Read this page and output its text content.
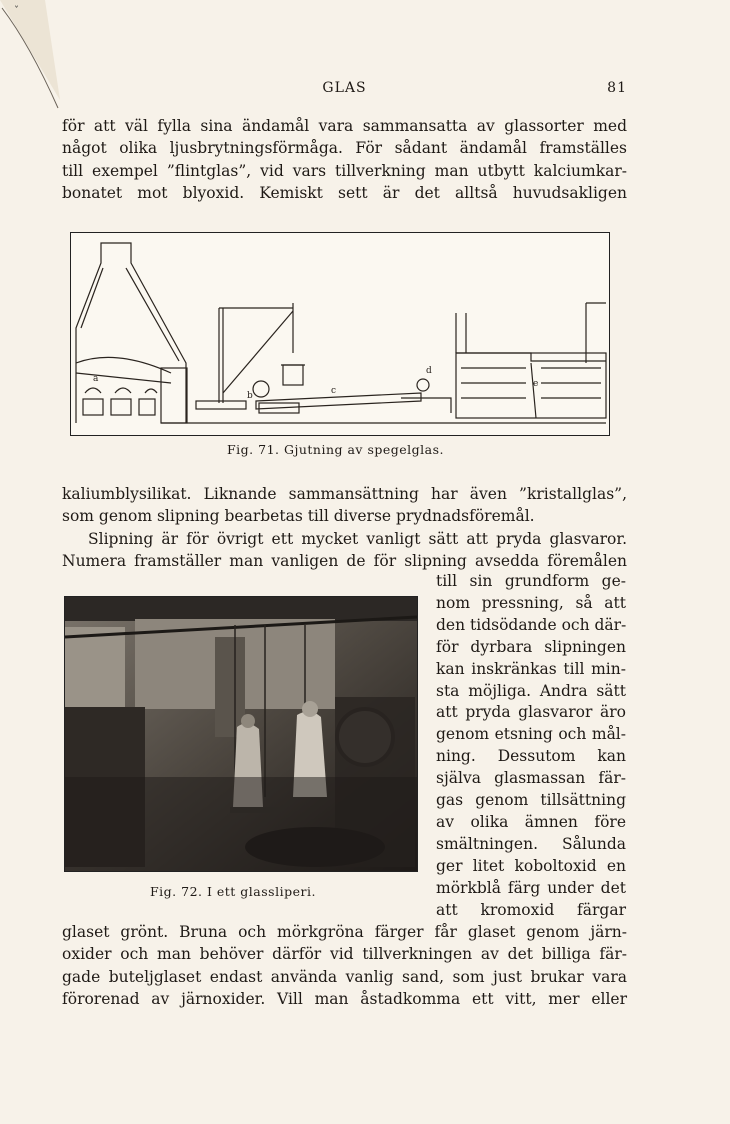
ˇ
GLAS	81
för att väl fylla sina ändamål vara sammansatta av glassorter med
något olika ljusbrytningsförmåga. För sådant ändamål framställes
till exempel ”flintglas”, vid vars tillverkning man utbytt kalciumkar-
bonatet mot blyoxid. Kemiskt sett är det alltså huvudsakligen
a
b	c
d
e
Fig. 71. Gjutning av spegelglas.
kaliumblysilikat. Liknande sammansättning har även ”kristallglas”,
som genom slipning bearbetas till diverse prydnadsföremål.
Slipning är för övrigt ett mycket vanligt sätt att pryda glasvaror.
Numera framställer man vanligen de för slipning avsedda föremålen
Fig. 72. I ett glassliperi.
till sin grundform ge-
nom pressning, så att
den tidsödande och där-
för dyrbara slipningen
kan inskränkas till min-
sta möjliga. Andra sätt
att pryda glasvaror äro
genom etsning och mål-
ning. Dessutom kan
själva glasmassan fär-
gas genom tillsättning
av olika ämnen före
smältningen. Sålunda
ger litet koboltoxid en
mörkblå färg under det
att kromoxid färgar
glaset grönt. Bruna och mörkgröna färger får glaset genom järn-
oxider och man behöver därför vid tillverkningen av det billiga fär-
gade buteljglaset endast använda vanlig sand, som just brukar vara
förorenad av järnoxider. Vill man åstadkomma ett vitt, mer eller
